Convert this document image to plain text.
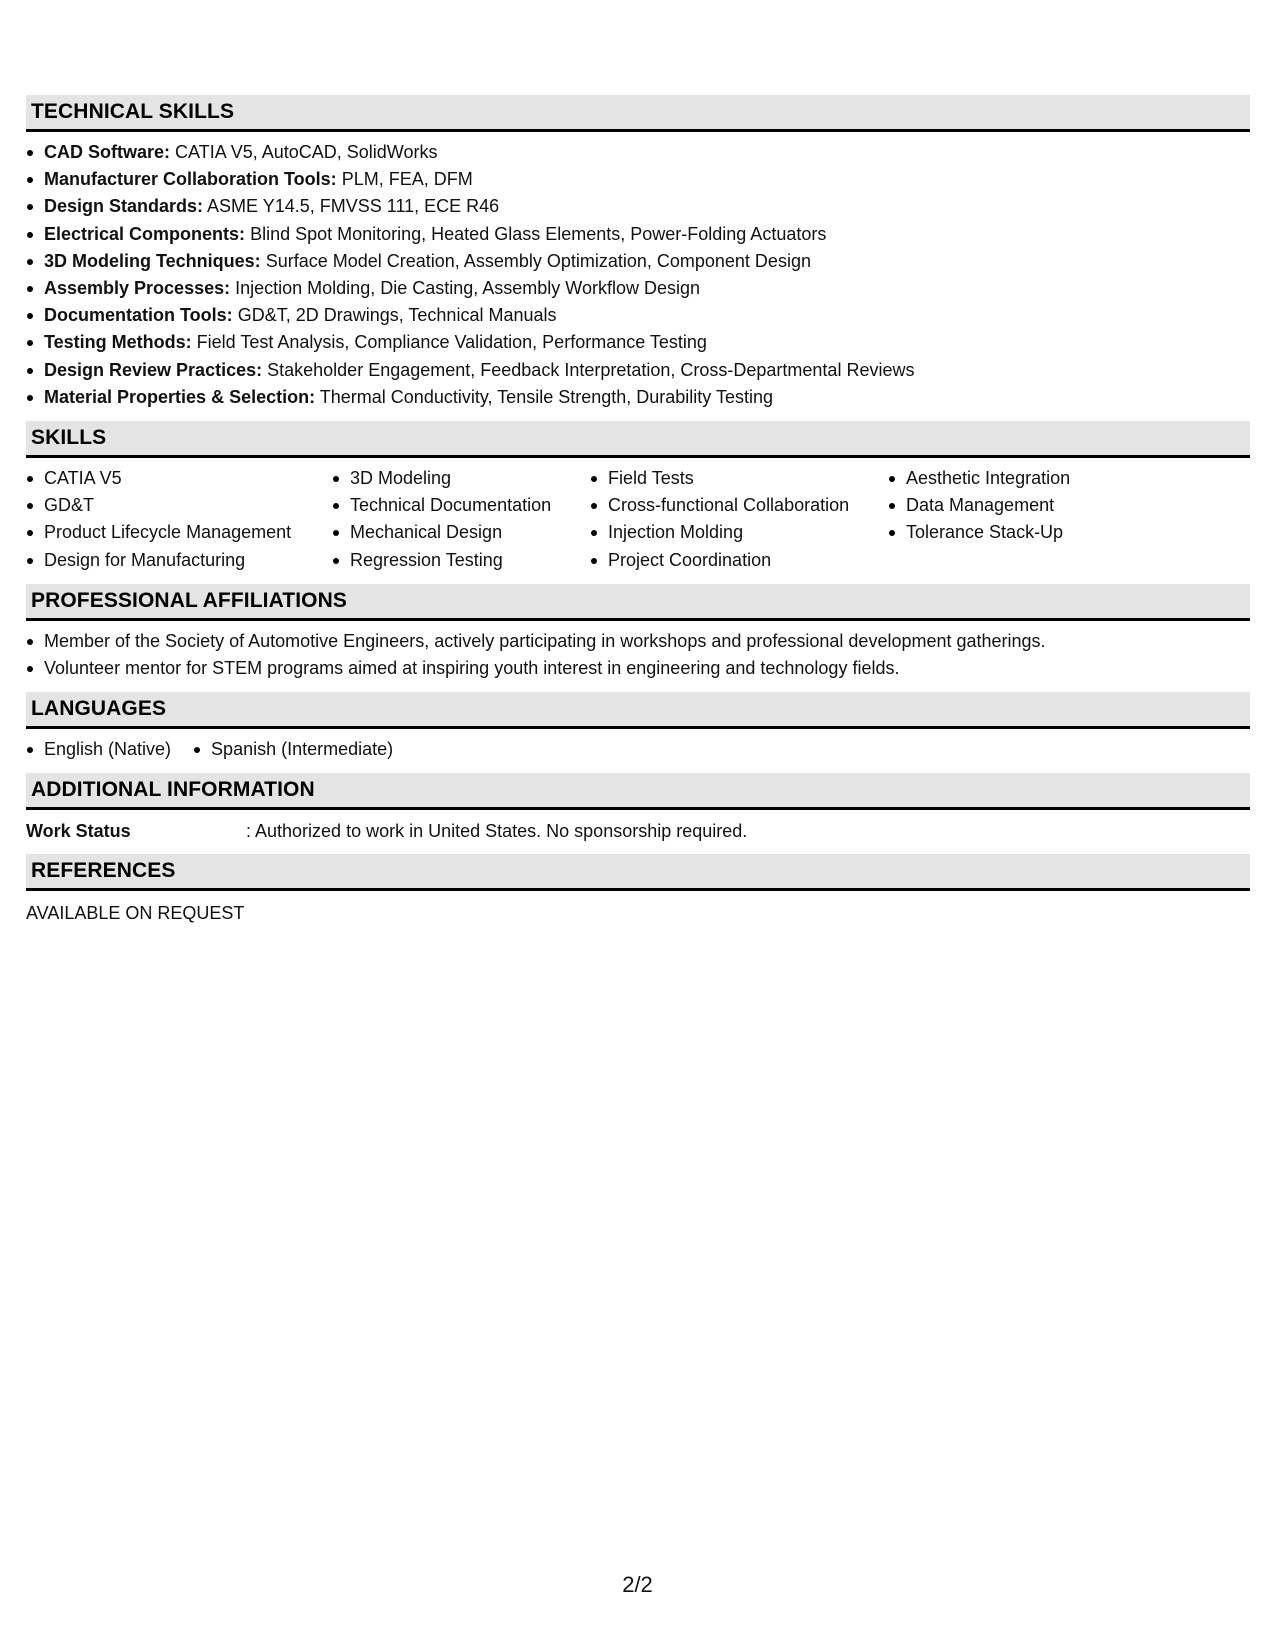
TECHNICAL SKILLS
CAD Software: CATIA V5, AutoCAD, SolidWorks
Manufacturer Collaboration Tools: PLM, FEA, DFM
Design Standards: ASME Y14.5, FMVSS 111, ECE R46
Electrical Components: Blind Spot Monitoring, Heated Glass Elements, Power-Folding Actuators
3D Modeling Techniques: Surface Model Creation, Assembly Optimization, Component Design
Assembly Processes: Injection Molding, Die Casting, Assembly Workflow Design
Documentation Tools: GD&T, 2D Drawings, Technical Manuals
Testing Methods: Field Test Analysis, Compliance Validation, Performance Testing
Design Review Practices: Stakeholder Engagement, Feedback Interpretation, Cross-Departmental Reviews
Material Properties & Selection: Thermal Conductivity, Tensile Strength, Durability Testing
SKILLS
CATIA V5
GD&T
Product Lifecycle Management
Design for Manufacturing
3D Modeling
Technical Documentation
Mechanical Design
Regression Testing
Field Tests
Cross-functional Collaboration
Injection Molding
Project Coordination
Aesthetic Integration
Data Management
Tolerance Stack-Up
PROFESSIONAL AFFILIATIONS
Member of the Society of Automotive Engineers, actively participating in workshops and professional development gatherings.
Volunteer mentor for STEM programs aimed at inspiring youth interest in engineering and technology fields.
LANGUAGES
English (Native)	Spanish (Intermediate)
ADDITIONAL INFORMATION
Work Status	: Authorized to work in United States. No sponsorship required.
REFERENCES
AVAILABLE ON REQUEST
2/2
